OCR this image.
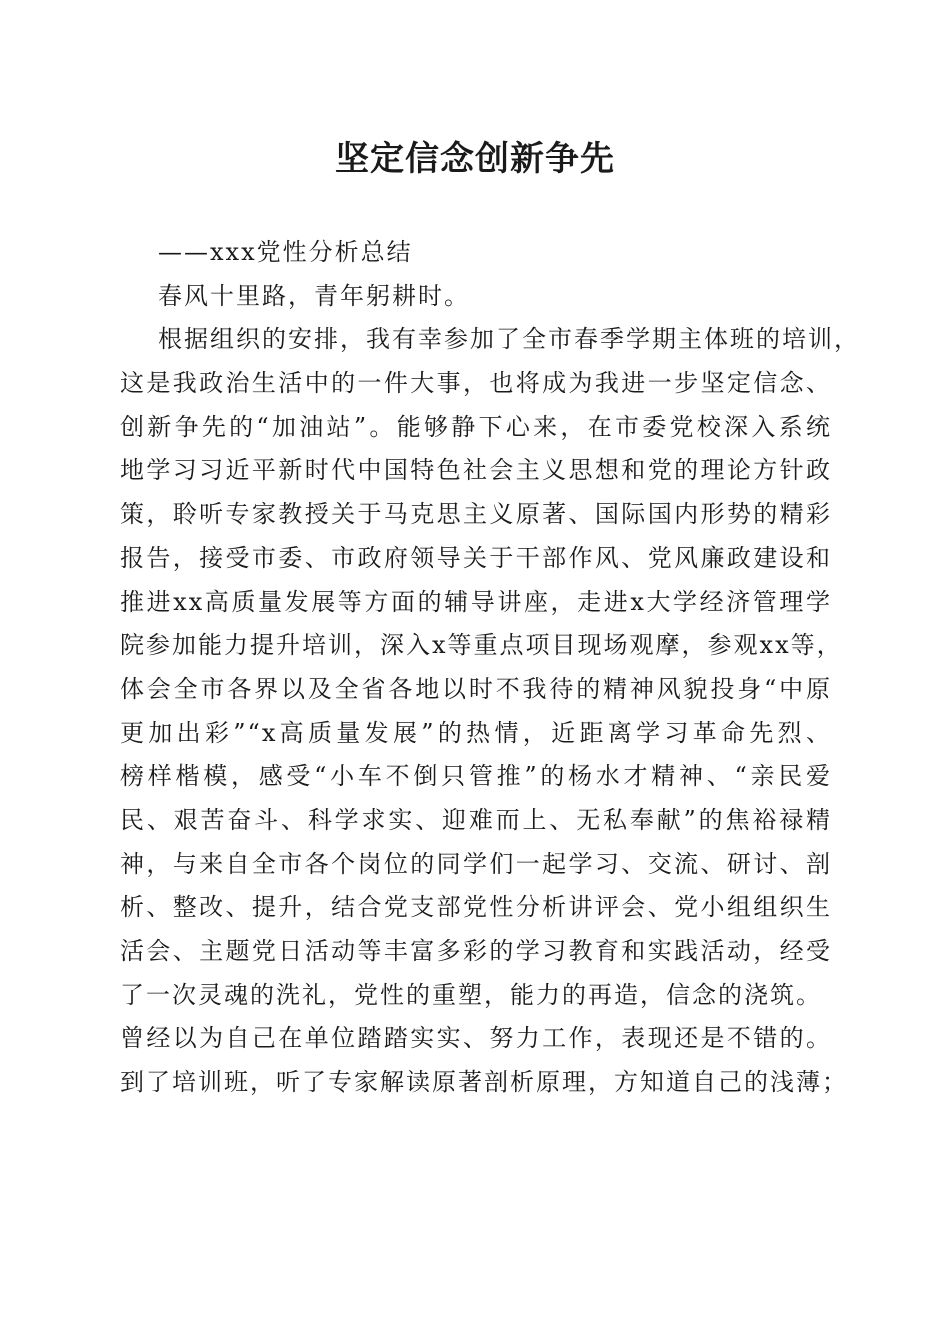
坚定信念创新争先
——xxx党性分析总结
春风十里路，青年躬耕时。
根据组织的安排，我有幸参加了全市春季学期主体班的培训，
这是我政治生活中的一件大事，也将成为我进一步坚定信念、
创新争先的“加油站”。能够静下心来，在市委党校深入系统
地学习习近平新时代中国特色社会主义思想和党的理论方针政
策，聆听专家教授关于马克思主义原著、国际国内形势的精彩
报告，接受市委、市政府领导关于干部作风、党风廉政建设和
推进xx高质量发展等方面的辅导讲座，走进x大学经济管理学
院参加能力提升培训，深入x等重点项目现场观摩，参观xx等，
体会全市各界以及全省各地以时不我待的精神风貌投身“中原
更加出彩”“x高质量发展”的热情，近距离学习革命先烈、
榜样楷模，感受“小车不倒只管推”的杨水才精神、“亲民爱
民、艰苦奋斗、科学求实、迎难而上、无私奉献”的焦裕禄精
神，与来自全市各个岗位的同学们一起学习、交流、研讨、剖
析、整改、提升，结合党支部党性分析讲评会、党小组组织生
活会、主题党日活动等丰富多彩的学习教育和实践活动，经受
了一次灵魂的洗礼，党性的重塑，能力的再造，信念的浇筑。
曾经以为自己在单位踏踏实实、努力工作，表现还是不错的。
到了培训班，听了专家解读原著剖析原理，方知道自己的浅薄；
